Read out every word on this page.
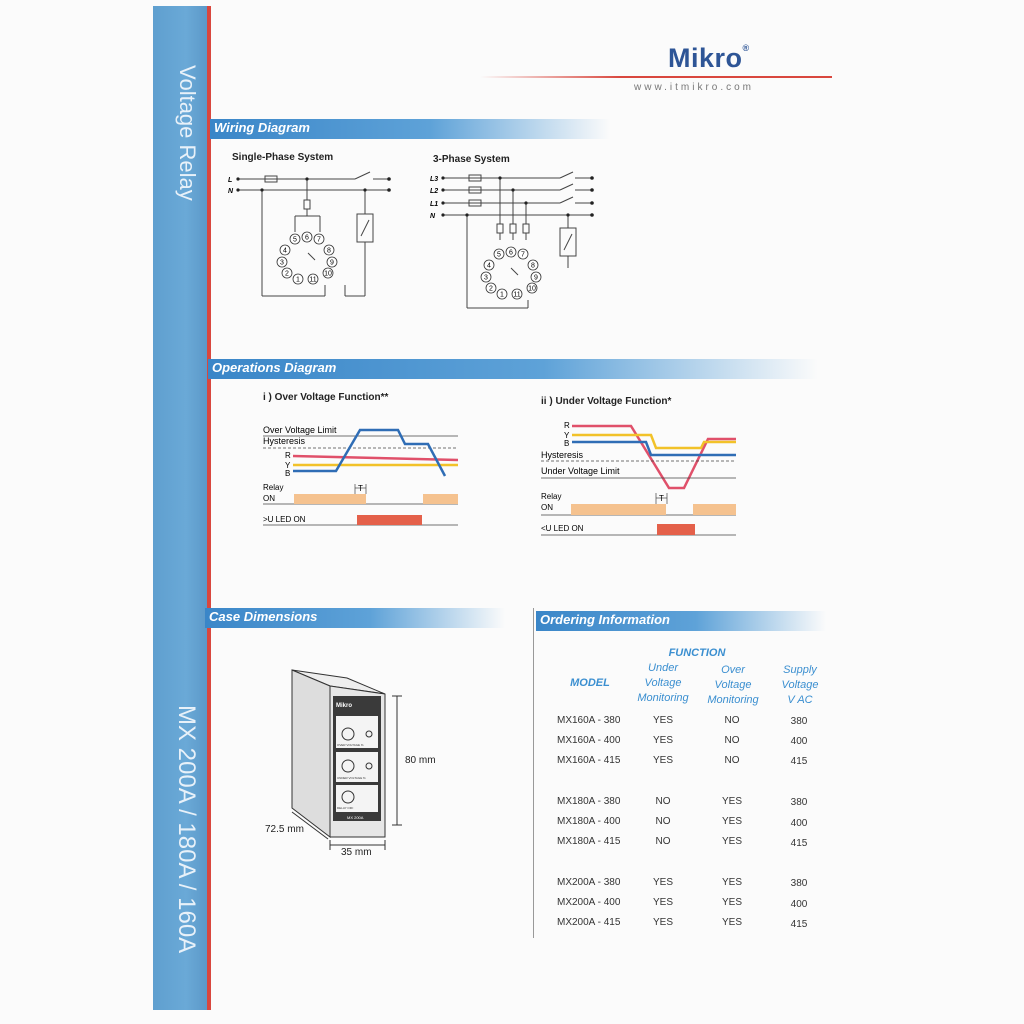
Voltage Relay
MX 200A / 180A / 160A
Mikro®
www.itmikro.com
Wiring Diagram
Single-Phase System	3-Phase System
L
N
1
2
3
4
5 6 7
8
9
10
11
L3
L2
L1
N
1
2
3
4
5 6 7
8
9
10
11
Operations Diagram
i ) Over Voltage Function**	ii ) Under Voltage Function*
Over Voltage Limit
Hysteresis
R
Y
B
Relay
ON
T
>U LED ON
R
Y
B
Hysteresis
Under Voltage Limit
Relay
ON
T
<U LED ON
Case Dimensions
Mikro
OVER VOLTAGE %
UNDER VOLTAGE %
DELAY OFF
MX 200A
80 mm
72.5 mm
35 mm
Ordering Information
FUNCTION
MODEL
Under
Voltage
Monitoring
Over
Voltage
Monitoring
Supply
Voltage
V AC
MX160A - 380	YES	NO	380
MX160A - 400	YES	NO	400
MX160A - 415	YES	NO	415
MX180A - 380	NO	YES	380
MX180A - 400	NO	YES	400
MX180A - 415	NO	YES	415
MX200A - 380	YES	YES	380
MX200A - 400	YES	YES	400
MX200A - 415	YES	YES	415
